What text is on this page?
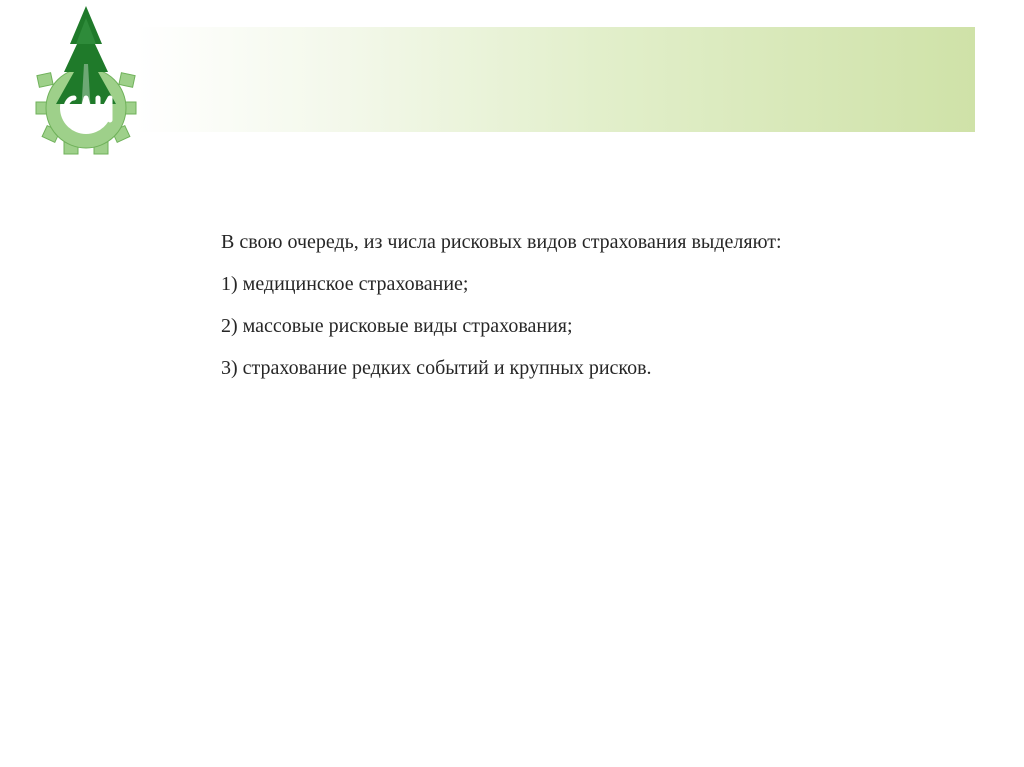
В свою очередь, из числа рисковых видов страхования выделяют:

1) медицинское страхование;

2) массовые рисковые виды страхования;

3) страхование редких событий и крупных рисков.
